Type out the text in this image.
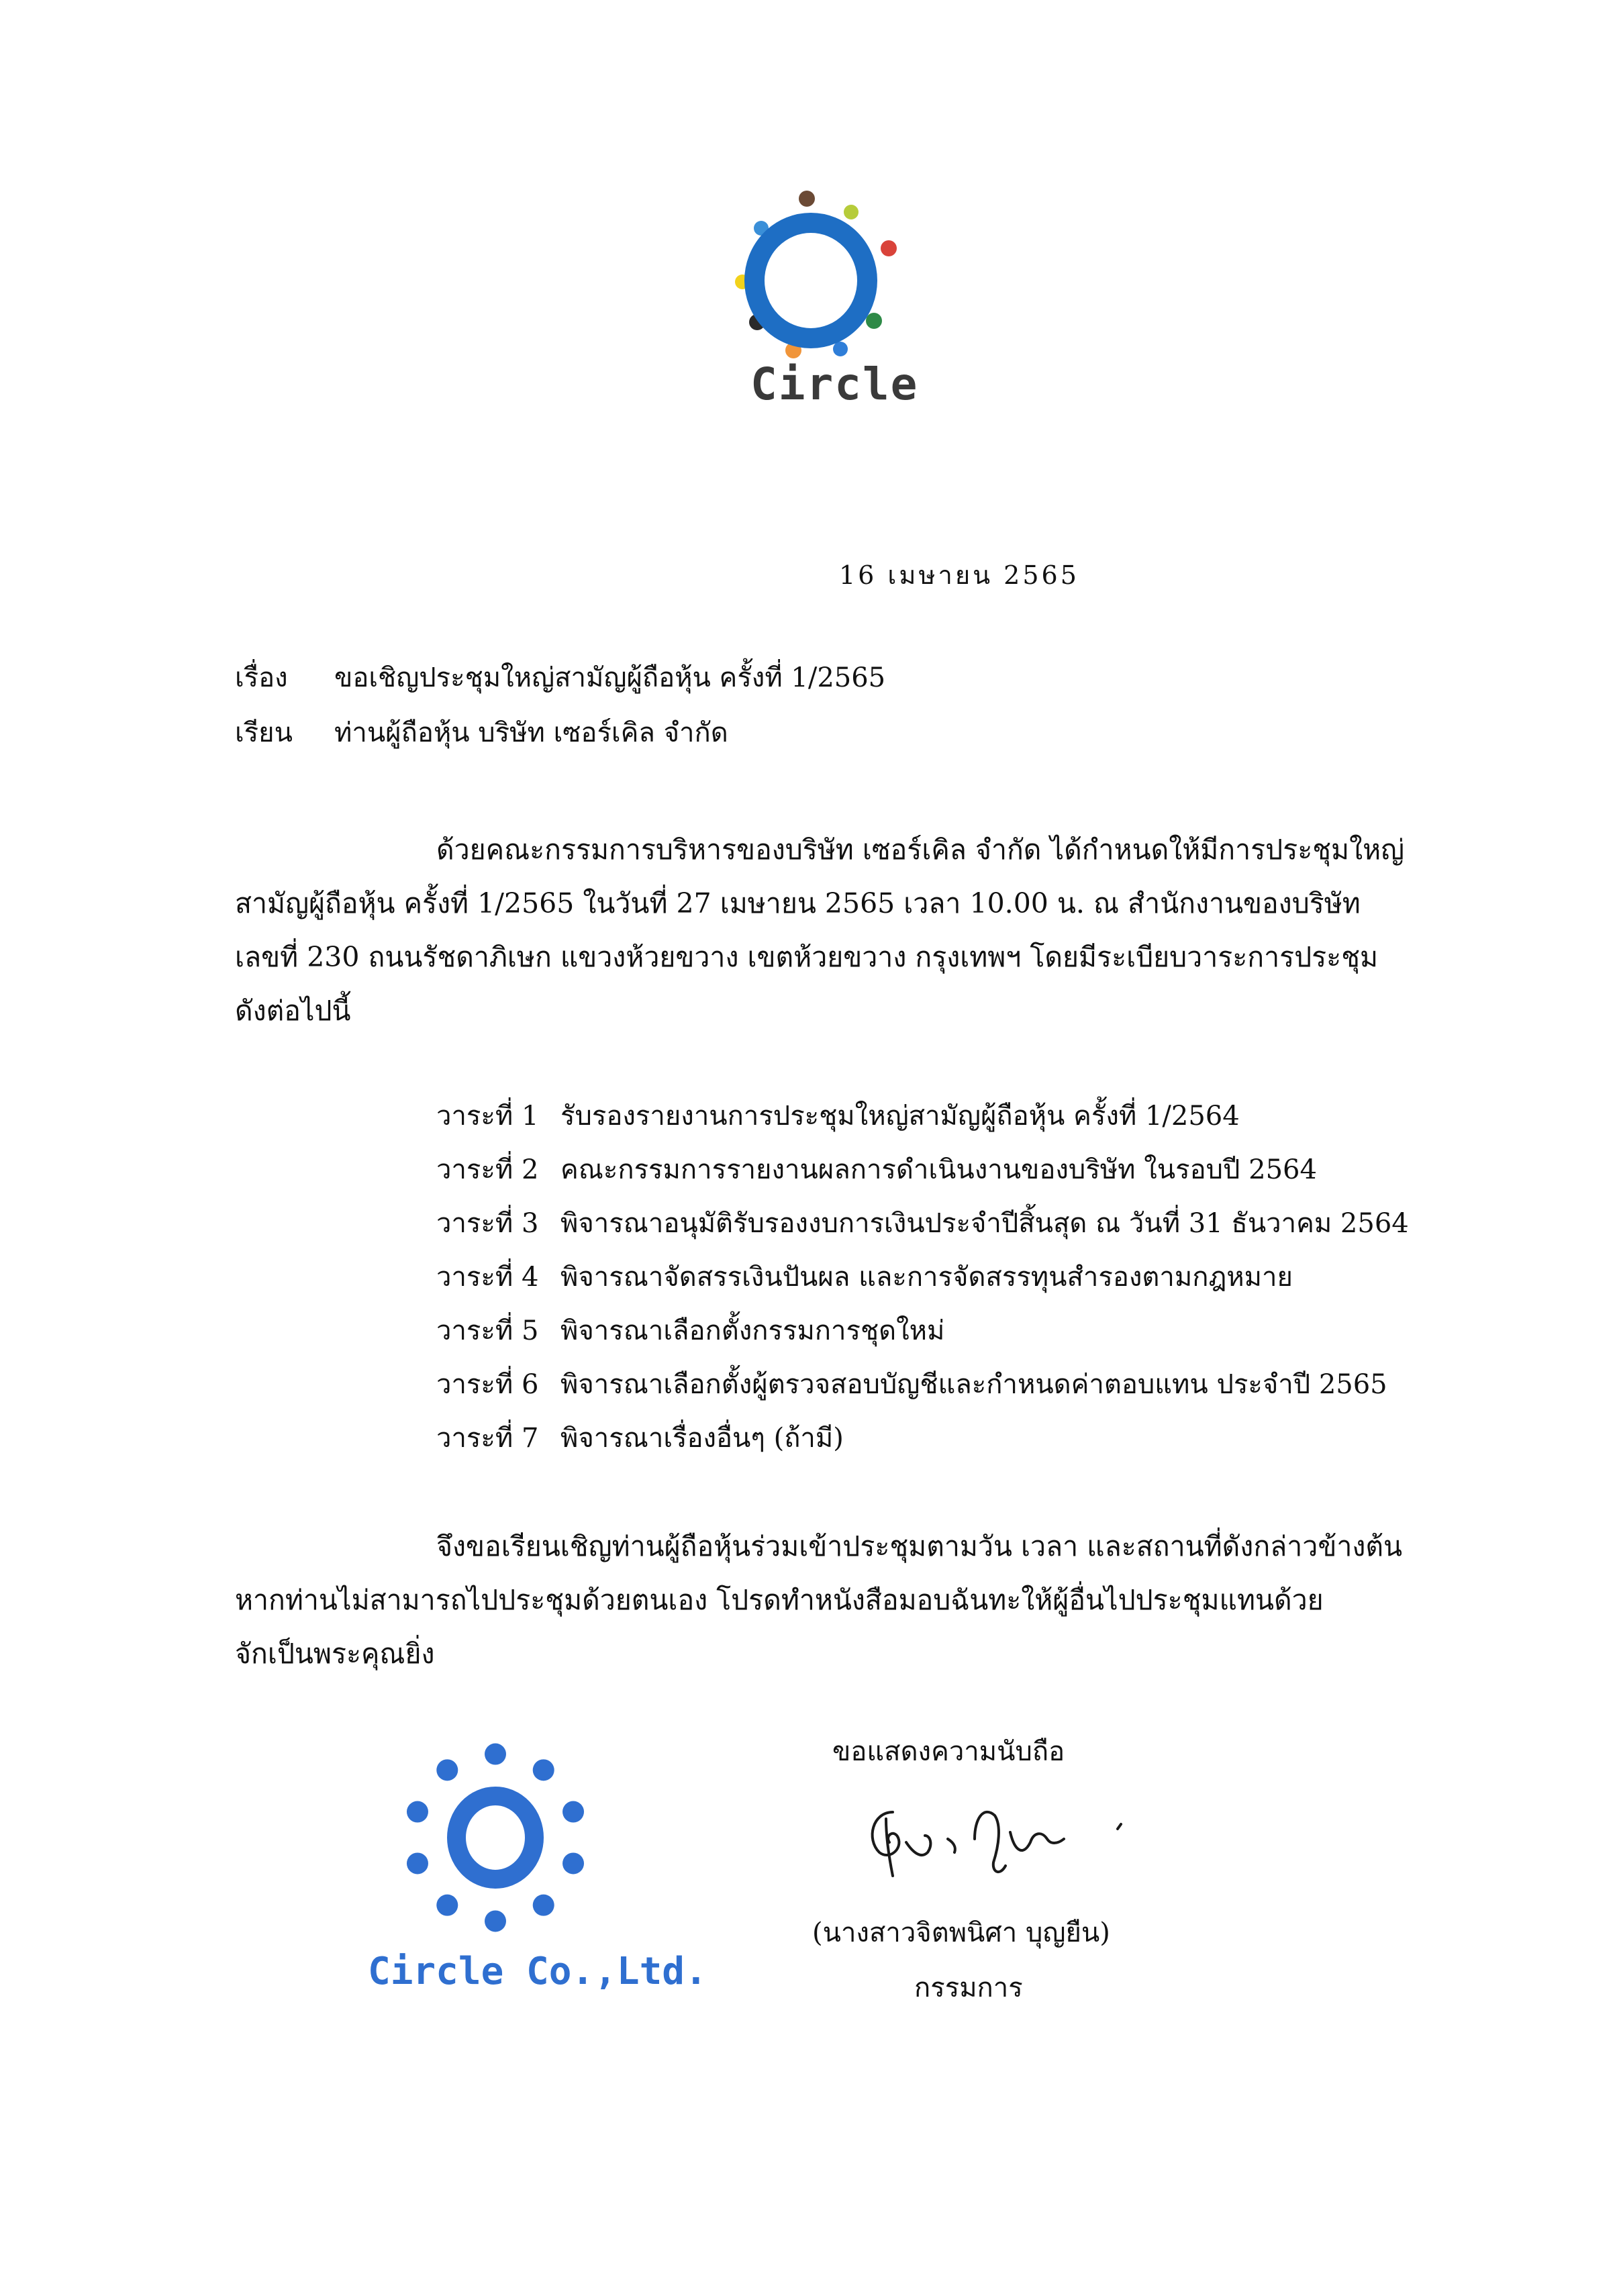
Circle
16 เมษายน 2565
เรื่อง ขอเชิญประชุมใหญ่สามัญผู้ถือหุ้น ครั้งที่ 1/2565
เรียน ท่านผู้ถือหุ้น บริษัท เซอร์เคิล จำกัด
ด้วยคณะกรรมการบริหารของบริษัท เซอร์เคิล จำกัด ได้กำหนดให้มีการประชุมใหญ่
สามัญผู้ถือหุ้น ครั้งที่ 1/2565 ในวันที่ 27 เมษายน 2565 เวลา 10.00 น. ณ สำนักงานของบริษัท
เลขที่ 230 ถนนรัชดาภิเษก แขวงห้วยขวาง เขตห้วยขวาง กรุงเทพฯ โดยมีระเบียบวาระการประชุม
ดังต่อไปนี้
วาระที่ 1 รับรองรายงานการประชุมใหญ่สามัญผู้ถือหุ้น ครั้งที่ 1/2564
วาระที่ 2 คณะกรรมการรายงานผลการดำเนินงานของบริษัท ในรอบปี 2564
วาระที่ 3 พิจารณาอนุมัติรับรองงบการเงินประจำปีสิ้นสุด ณ วันที่ 31 ธันวาคม 2564
วาระที่ 4 พิจารณาจัดสรรเงินปันผล และการจัดสรรทุนสำรองตามกฎหมาย
วาระที่ 5 พิจารณาเลือกตั้งกรรมการชุดใหม่
วาระที่ 6 พิจารณาเลือกตั้งผู้ตรวจสอบบัญชีและกำหนดค่าตอบแทน ประจำปี 2565
วาระที่ 7 พิจารณาเรื่องอื่นๆ (ถ้ามี)
จึงขอเรียนเชิญท่านผู้ถือหุ้นร่วมเข้าประชุมตามวัน เวลา และสถานที่ดังกล่าวข้างต้น
หากท่านไม่สามารถไปประชุมด้วยตนเอง โปรดทำหนังสือมอบฉันทะให้ผู้อื่นไปประชุมแทนด้วย
จักเป็นพระคุณยิ่ง
Circle Co.,Ltd.
ขอแสดงความนับถือ
(นางสาวจิตพนิศา บุญยืน)
กรรมการ
